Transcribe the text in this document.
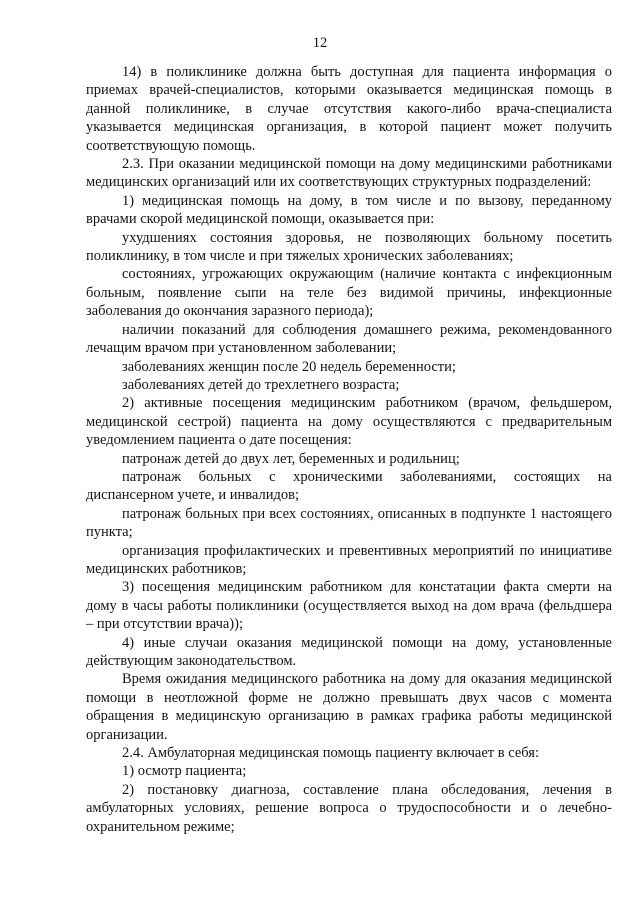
12

14) в поликлинике должна быть доступная для пациента информация о приемах врачей-специалистов, которыми оказывается медицинская помощь в данной поликлинике, в случае отсутствия какого-либо врача-специалиста указывается медицинская организация, в которой пациент может получить соответствующую помощь.

2.3. При оказании медицинской помощи на дому медицинскими работниками медицинских организаций или их соответствующих структурных подразделений:

1) медицинская помощь на дому, в том числе и по вызову, переданному врачами скорой медицинской помощи, оказывается при:

ухудшениях состояния здоровья, не позволяющих больному посетить поликлинику, в том числе и при тяжелых хронических заболеваниях;

состояниях, угрожающих окружающим (наличие контакта с инфекционным больным, появление сыпи на теле без видимой причины, инфекционные заболевания до окончания заразного периода);

наличии показаний для соблюдения домашнего режима, рекомендованного лечащим врачом при установленном заболевании;

заболеваниях женщин после 20 недель беременности;

заболеваниях детей до трехлетнего возраста;

2) активные посещения медицинским работником (врачом, фельдшером, медицинской сестрой) пациента на дому осуществляются с предварительным уведомлением пациента о дате посещения:

патронаж детей до двух лет, беременных и родильниц;

патронаж больных с хроническими заболеваниями, состоящих на диспансерном учете, и инвалидов;

патронаж больных при всех состояниях, описанных в подпункте 1 настоящего пункта;

организация профилактических и превентивных мероприятий по инициативе медицинских работников;

3) посещения медицинским работником для констатации факта смерти на дому в часы работы поликлиники (осуществляется выход на дом врача (фельдшера – при отсутствии врача));

4) иные случаи оказания медицинской помощи на дому, установленные действующим законодательством.

Время ожидания медицинского работника на дому для оказания медицинской помощи в неотложной форме не должно превышать двух часов с момента обращения в медицинскую организацию в рамках графика работы медицинской организации.

2.4. Амбулаторная медицинская помощь пациенту включает в себя:

1) осмотр пациента;

2) постановку диагноза, составление плана обследования, лечения в амбулаторных условиях, решение вопроса о трудоспособности и о лечебно-охранительном режиме;
